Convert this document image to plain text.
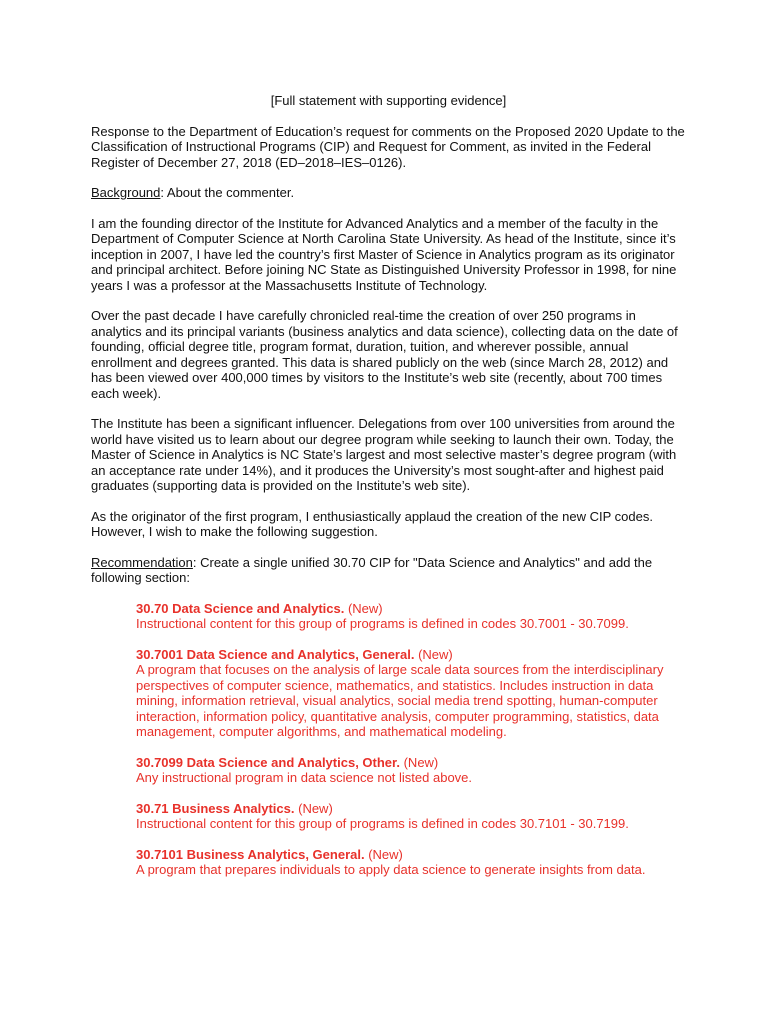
[Full statement with supporting evidence]

Response to the Department of Education’s request for comments on the Proposed 2020 Update to the Classification of Instructional Programs (CIP) and Request for Comment, as invited in the Federal Register of December 27, 2018 (ED–2018–IES–0126).

Background: About the commenter.

I am the founding director of the Institute for Advanced Analytics and a member of the faculty in the Department of Computer Science at North Carolina State University. As head of the Institute, since it’s inception in 2007, I have led the country’s first Master of Science in Analytics program as its originator and principal architect. Before joining NC State as Distinguished University Professor in 1998, for nine years I was a professor at the Massachusetts Institute of Technology.

Over the past decade I have carefully chronicled real-time the creation of over 250 programs in analytics and its principal variants (business analytics and data science), collecting data on the date of founding, official degree title, program format, duration, tuition, and wherever possible, annual enrollment and degrees granted. This data is shared publicly on the web (since March 28, 2012) and has been viewed over 400,000 times by visitors to the Institute’s web site (recently, about 700 times each week).

The Institute has been a significant influencer. Delegations from over 100 universities from around the world have visited us to learn about our degree program while seeking to launch their own. Today, the Master of Science in Analytics is NC State’s largest and most selective master’s degree program (with an acceptance rate under 14%), and it produces the University’s most sought-after and highest paid graduates (supporting data is provided on the Institute’s web site).

As the originator of the first program, I enthusiastically applaud the creation of the new CIP codes. However, I wish to make the following suggestion.

Recommendation: Create a single unified 30.70 CIP for "Data Science and Analytics" and add the following section:

30.70 Data Science and Analytics. (New)
Instructional content for this group of programs is defined in codes 30.7001 - 30.7099.
30.7001 Data Science and Analytics, General. (New)
A program that focuses on the analysis of large scale data sources from the interdisciplinary perspectives of computer science, mathematics, and statistics. Includes instruction in data mining, information retrieval, visual analytics, social media trend spotting, human-computer interaction, information policy, quantitative analysis, computer programming, statistics, data management, computer algorithms, and mathematical modeling.
30.7099 Data Science and Analytics, Other. (New)
Any instructional program in data science not listed above.
30.71 Business Analytics. (New)
Instructional content for this group of programs is defined in codes 30.7101 - 30.7199.
30.7101 Business Analytics, General. (New)
A program that prepares individuals to apply data science to generate insights from data.
